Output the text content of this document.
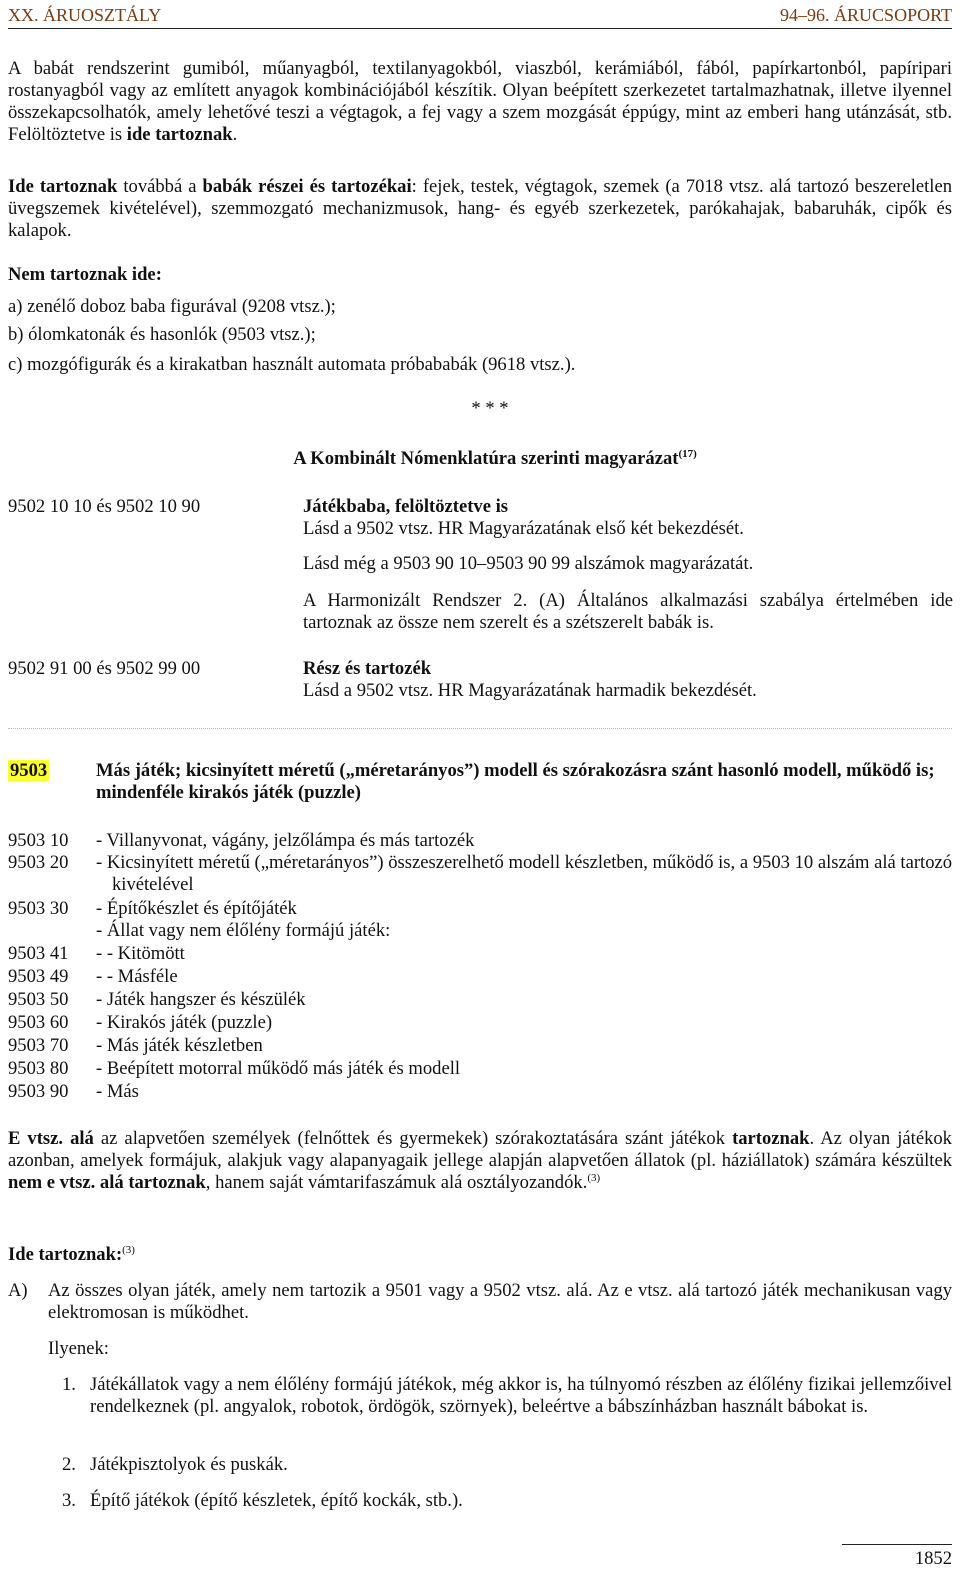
XX. ÁRUOSZTÁLY	94–96. ÁRUCSOPORT
A babát rendszerint gumiból, műanyagból, textilanyagokból, viaszból, kerámiából, fából, papírkartonból, papíripari rostanyagból vagy az említett anyagok kombinációjából készítik. Olyan beépített szerkezetet tartalmazhatnak, illetve ilyennel összekapcsolhatók, amely lehetővé teszi a végtagok, a fej vagy a szem mozgását éppúgy, mint az emberi hang utánzását, stb. Felöltöztetve is ide tartoznak.
Ide tartoznak továbbá a babák részei és tartozékai: fejek, testek, végtagok, szemek (a 7018 vtsz. alá tartozó beszereletlen üvegszemek kivételével), szemmozgató mechanizmusok, hang- és egyéb szerkezetek, parókahajak, babaruhák, cipők és kalapok.
Nem tartoznak ide:
a) zenélő doboz baba figurával (9208 vtsz.);
b) ólomkatonák és hasonlók (9503 vtsz.);
c) mozgófigurák és a kirakatban használt automata próbababák (9618 vtsz.).
* * *
A Kombinált Nómenklatúra szerinti magyarázat$^{(17)}$
9502 10 10 és 9502 10 90	Játékbaba, felöltöztetve is
Lásd a 9502 vtsz. HR Magyarázatának első két bekezdését.
Lásd még a 9503 90 10–9503 90 99 alszámok magyarázatát.
A Harmonizált Rendszer 2. (A) Általános alkalmazási szabálya értelmében ide tartoznak az össze nem szerelt és a szétszerelt babák is.
9502 91 00 és 9502 99 00	Rész és tartozék
Lásd a 9502 vtsz. HR Magyarázatának harmadik bekezdését.
9503	Más játék; kicsinyített méretű („méretarányos”) modell és szórakozásra szánt hasonló modell, működő is; mindenféle kirakós játék (puzzle)
9503 10 - Villanyvonat, vágány, jelzőlámpa és más tartozék
9503 20 - Kicsinyített méretű („méretarányos”) összeszerelhető modell készletben, működő is, a 9503 10 alszám alá tartozó kivételével
9503 30 - Építőkészlet és építőjáték
- Állat vagy nem élőlény formájú játék:
9503 41 - - Kitömött
9503 49 - - Másféle
9503 50 - Játék hangszer és készülék
9503 60 - Kirakós játék (puzzle)
9503 70 - Más játék készletben
9503 80 - Beépített motorral működő más játék és modell
9503 90 - Más
E vtsz. alá az alapvetően személyek (felnőttek és gyermekek) szórakoztatására szánt játékok tartoznak. Az olyan játékok azonban, amelyek formájuk, alakjuk vagy alapanyagaik jellege alapján alapvetően állatok (pl. háziállatok) számára készültek nem e vtsz. alá tartoznak, hanem saját vámtarifaszámuk alá osztályozandók.$^{(3)}$
Ide tartoznak:$^{(3)}$
A) Az összes olyan játék, amely nem tartozik a 9501 vagy a 9502 vtsz. alá. Az e vtsz. alá tartozó játék mechanikusan vagy elektromosan is működhet.
Ilyenek:
1. Játékállatok vagy a nem élőlény formájú játékok, még akkor is, ha túlnyomó részben az élőlény fizikai jellemzőivel rendelkeznek (pl. angyalok, robotok, ördögök, szörnyek), beleértve a bábszínházban használt bábokat is.
2. Játékpisztolyok és puskák.
3. Építő játékok (építő készletek, építő kockák, stb.).
1852
